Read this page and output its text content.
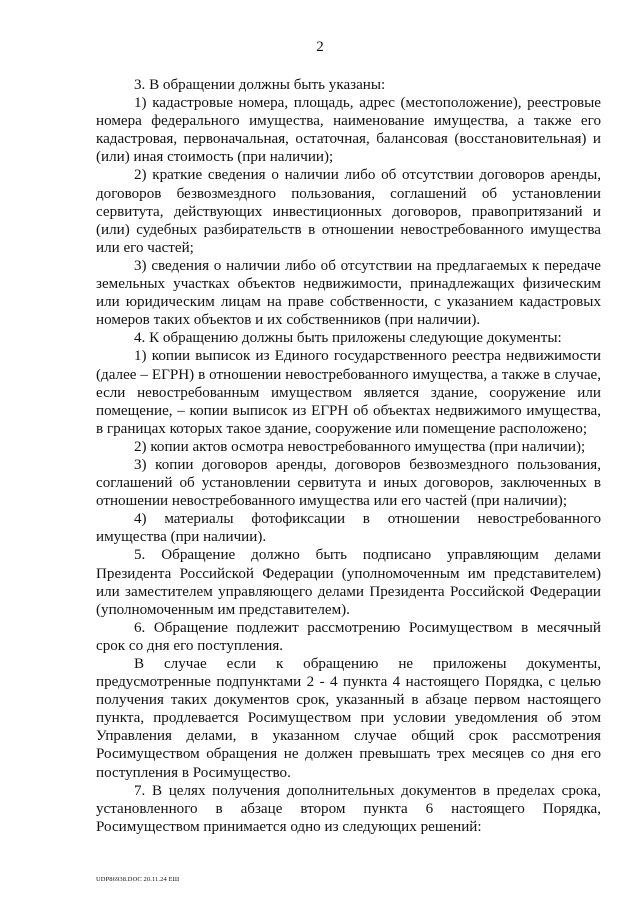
2

3. В обращении должны быть указаны:

1) кадастровые номера, площадь, адрес (местоположение), реестровые номера федерального имущества, наименование имущества, а также его кадастровая, первоначальная, остаточная, балансовая (восстановительная) и (или) иная стоимость (при наличии);

2) краткие сведения о наличии либо об отсутствии договоров аренды, договоров безвозмездного пользования, соглашений об установлении сервитута, действующих инвестиционных договоров, правопритязаний и (или) судебных разбирательств в отношении невостребованного имущества или его частей;

3) сведения о наличии либо об отсутствии на предлагаемых к передаче земельных участках объектов недвижимости, принадлежащих физическим или юридическим лицам на праве собственности, с указанием кадастровых номеров таких объектов и их собственников (при наличии).

4. К обращению должны быть приложены следующие документы:

1) копии выписок из Единого государственного реестра недвижимости (далее – ЕГРН) в отношении невостребованного имущества, а также в случае, если невостребованным имуществом является здание, сооружение или помещение, – копии выписок из ЕГРН об объектах недвижимого имущества, в границах которых такое здание, сооружение или помещение расположено;

2) копии актов осмотра невостребованного имущества (при наличии);

3) копии договоров аренды, договоров безвозмездного пользования, соглашений об установлении сервитута и иных договоров, заключенных в отношении невостребованного имущества или его частей (при наличии);

4) материалы фотофиксации в отношении невостребованного имущества (при наличии).

5. Обращение должно быть подписано управляющим делами Президента Российской Федерации (уполномоченным им представителем) или заместителем управляющего делами Президента Российской Федерации (уполномоченным им представителем).

6. Обращение подлежит рассмотрению Росимуществом в месячный срок со дня его поступления.

В случае если к обращению не приложены документы, предусмотренные подпунктами 2 - 4 пункта 4 настоящего Порядка, с целью получения таких документов срок, указанный в абзаце первом настоящего пункта, продлевается Росимуществом при условии уведомления об этом Управления делами, в указанном случае общий срок рассмотрения Росимуществом обращения не должен превышать трех месяцев со дня его поступления в Росимущество.

7. В целях получения дополнительных документов в пределах срока, установленного в абзаце втором пункта 6 настоящего Порядка, Росимуществом принимается одно из следующих решений:

UDP86938.DOC 20.11.24 ЕШ
